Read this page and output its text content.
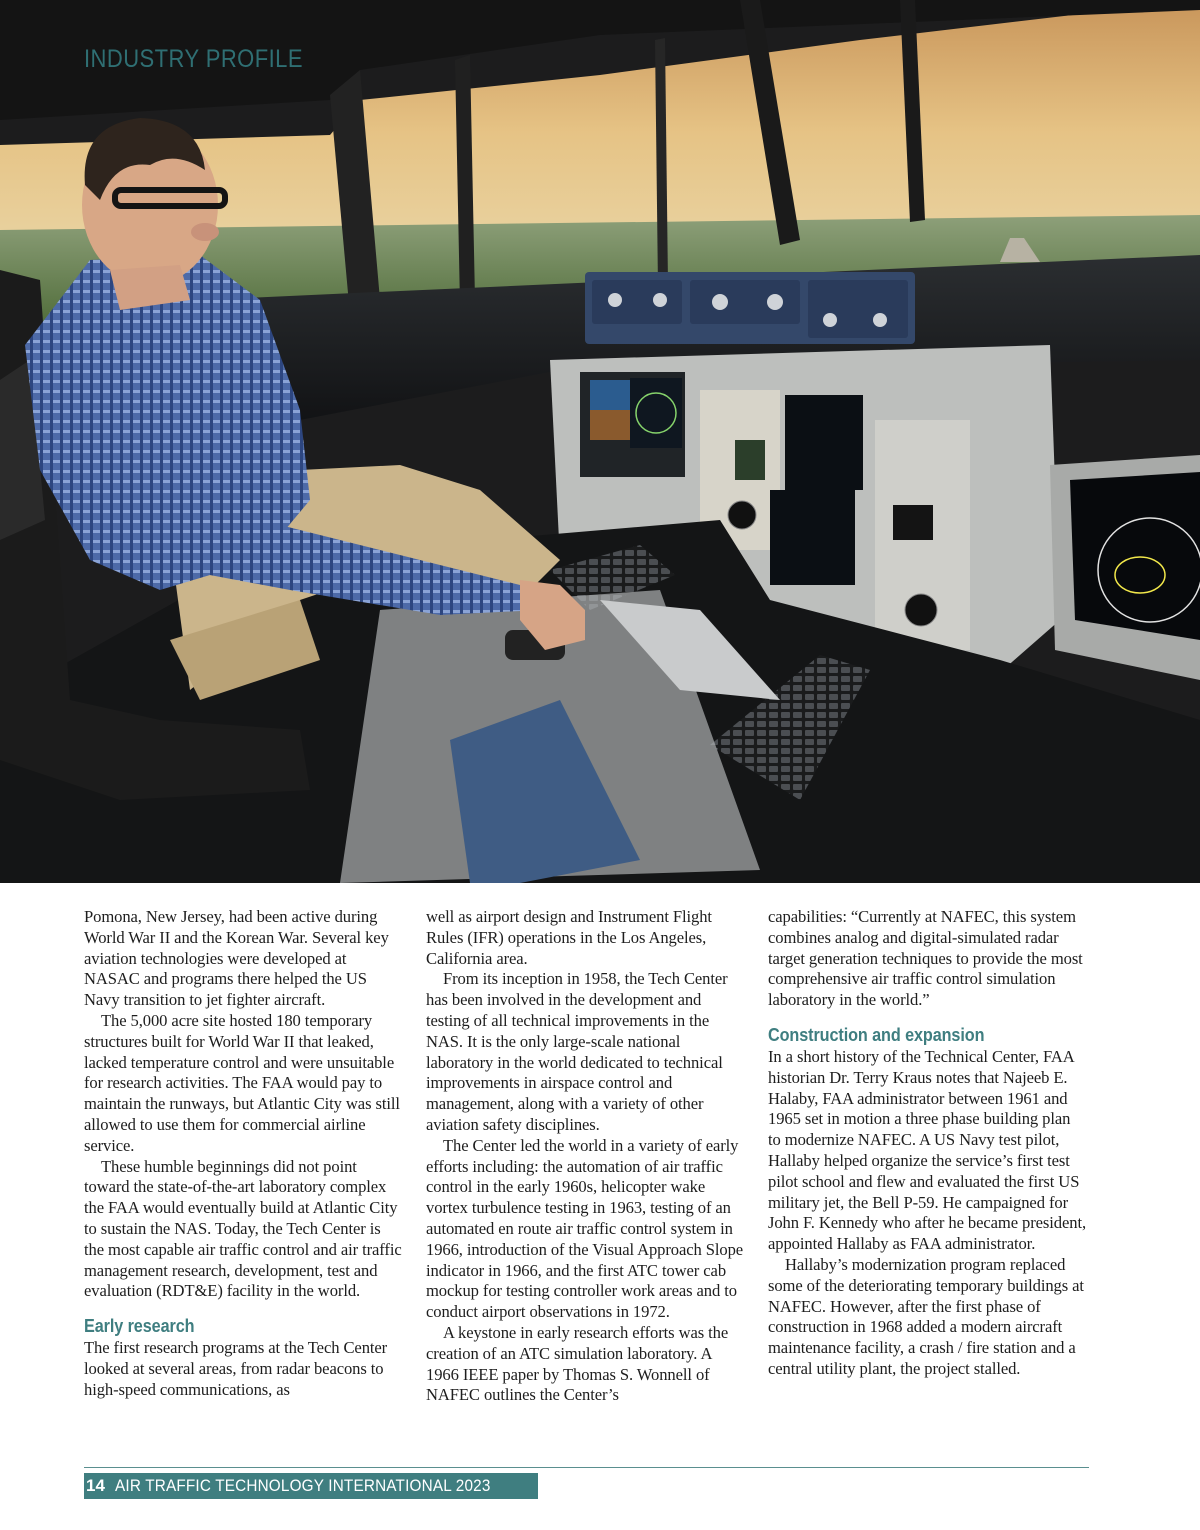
INDUSTRY PROFILE

Pomona, New Jersey, had been active during World War II and the Korean War. Several key aviation technologies were developed at NASAC and programs there helped the US Navy transition to jet fighter aircraft.

The 5,000 acre site hosted 180 temporary structures built for World War II that leaked, lacked temperature control and were unsuitable for research activities. The FAA would pay to maintain the runways, but Atlantic City was still allowed to use them for commercial airline service.

These humble beginnings did not point toward the state-of-the-art laboratory complex the FAA would eventually build at Atlantic City to sustain the NAS. Today, the Tech Center is the most capable air traffic control and air traffic management research, development, test and evaluation (RDT&E) facility in the world.

Early research

The first research programs at the Tech Center looked at several areas, from radar beacons to high-speed communications, as

well as airport design and Instrument Flight Rules (IFR) operations in the Los Angeles, California area.

From its inception in 1958, the Tech Center has been involved in the development and testing of all technical improvements in the NAS. It is the only large-scale national laboratory in the world dedicated to technical improvements in airspace control and management, along with a variety of other aviation safety disciplines.

The Center led the world in a variety of early efforts including: the automation of air traffic control in the early 1960s, helicopter wake vortex turbulence testing in 1963, testing of an automated en route air traffic control system in 1966, introduction of the Visual Approach Slope indicator in 1966, and the first ATC tower cab mockup for testing controller work areas and to conduct airport observations in 1972.

A keystone in early research efforts was the creation of an ATC simulation laboratory. A 1966 IEEE paper by Thomas S. Wonnell of NAFEC outlines the Center’s

capabilities: “Currently at NAFEC, this system combines analog and digital-simulated radar target generation techniques to provide the most comprehensive air traffic control simulation laboratory in the world.”

Construction and expansion

In a short history of the Technical Center, FAA historian Dr. Terry Kraus notes that Najeeb E. Halaby, FAA administrator between 1961 and 1965 set in motion a three phase building plan to modernize NAFEC. A US Navy test pilot, Hallaby helped organize the service’s first test pilot school and flew and evaluated the first US military jet, the Bell P-59. He campaigned for John F. Kennedy who after he became president, appointed Hallaby as FAA administrator.

Hallaby’s modernization program replaced some of the deteriorating temporary buildings at NAFEC. However, after the first phase of construction in 1968 added a modern aircraft maintenance facility, a crash / fire station and a central utility plant, the project stalled.

14 AIR TRAFFIC TECHNOLOGY INTERNATIONAL 2023
